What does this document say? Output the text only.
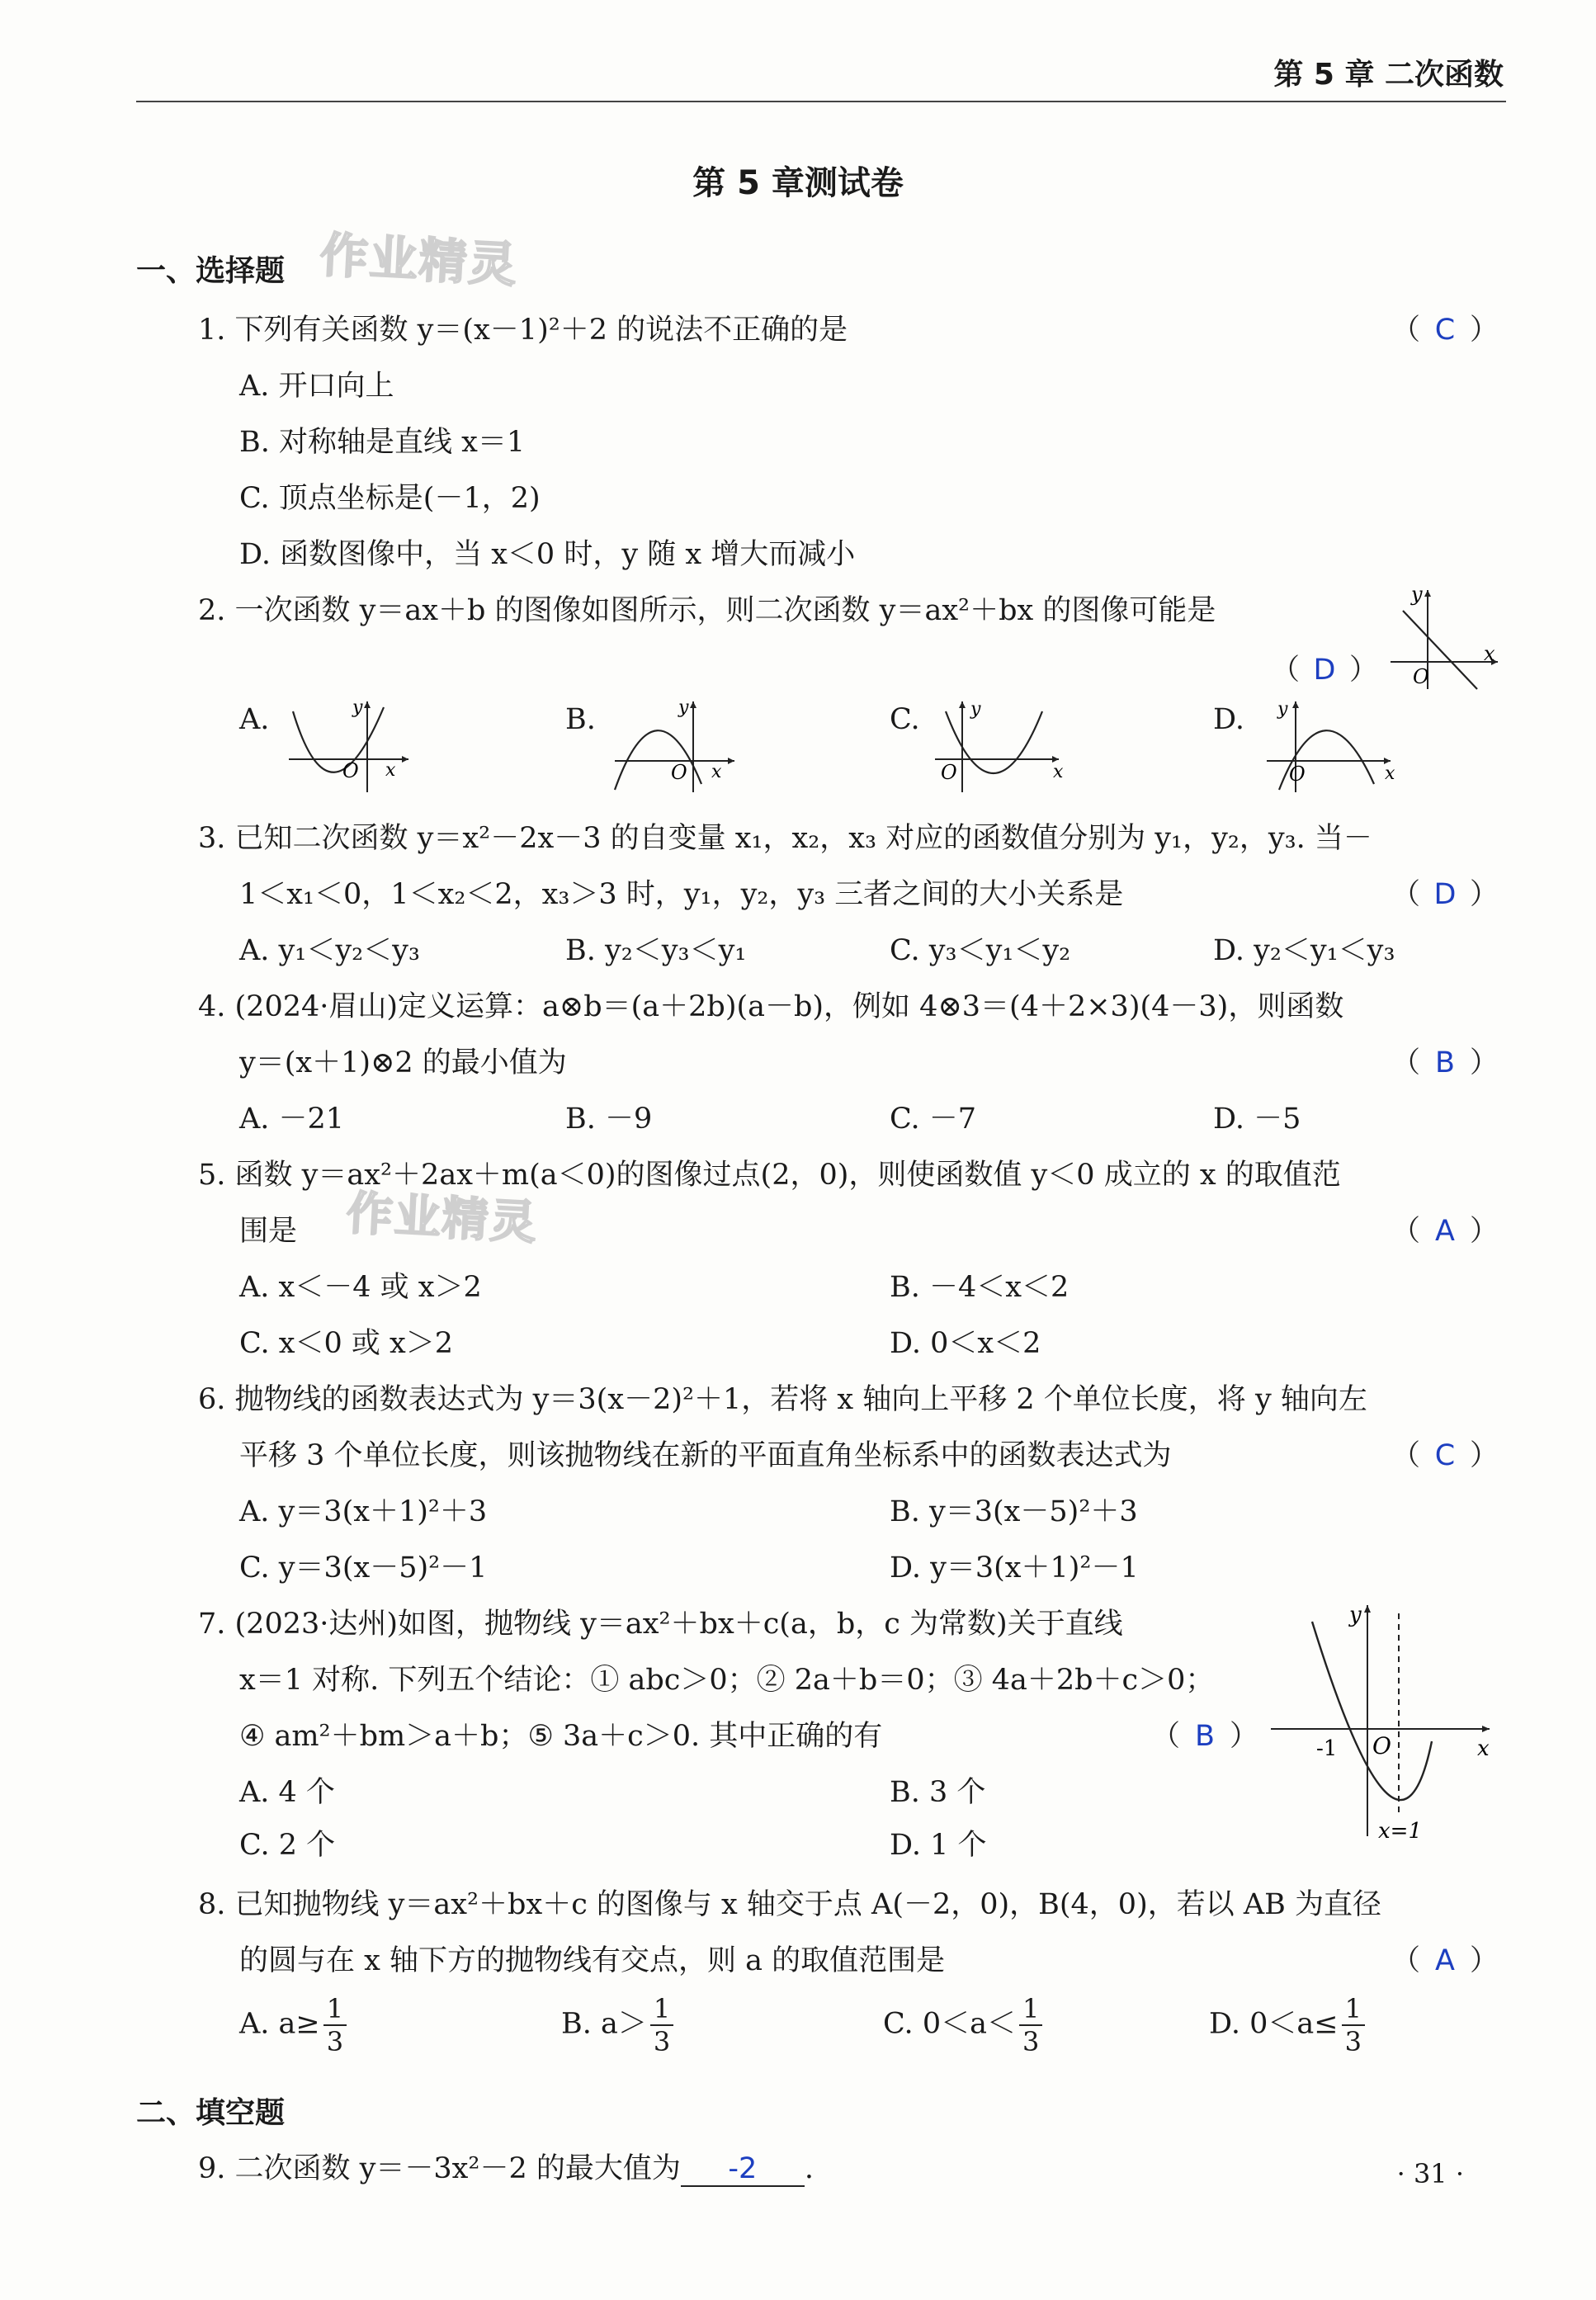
第 5 章 二次函数
第 5 章测试卷
一、选择题 作业精灵
1. 下列有关函数 y＝(x－1)²＋2 的说法不正确的是	（ C ）
A. 开口向上
B. 对称轴是直线 x＝1
C. 顶点坐标是(－1，2)
D. 函数图像中，当 x＜0 时，y 随 x 增大而减小
2. 一次函数 y＝ax＋b 的图像如图所示，则二次函数 y＝ax²＋bx 的图像可能是
（ D ）
y
O
x
A.	B.	C.	D.
y
O x
y
O x
y
O	x
y
O	x
3. 已知二次函数 y＝x²－2x－3 的自变量 x₁，x₂，x₃ 对应的函数值分别为 y₁，y₂，y₃. 当－
1＜x₁＜0，1＜x₂＜2，x₃＞3 时，y₁，y₂，y₃ 三者之间的大小关系是	（ D ）
A. y₁＜y₂＜y₃	B. y₂＜y₃＜y₁	C. y₃＜y₁＜y₂	D. y₂＜y₁＜y₃
4. (2024·眉山)定义运算：a⊗b＝(a＋2b)(a－b)，例如 4⊗3＝(4＋2×3)(4－3)，则函数
y＝(x＋1)⊗2 的最小值为	（ B ）
A. －21	B. －9	C. －7	D. －5
5. 函数 y＝ax²＋2ax＋m(a＜0)的图像过点(2，0)，则使函数值 y＜0 成立的 x 的取值范
围是 作业精灵	（ A ）
A. x＜－4 或 x＞2	B. －4＜x＜2
C. x＜0 或 x＞2	D. 0＜x＜2
6. 抛物线的函数表达式为 y＝3(x－2)²＋1，若将 x 轴向上平移 2 个单位长度，将 y 轴向左
平移 3 个单位长度，则该抛物线在新的平面直角坐标系中的函数表达式为	（ C ）
A. y＝3(x＋1)²＋3	B. y＝3(x－5)²＋3
C. y＝3(x－5)²－1	D. y＝3(x＋1)²－1
7. (2023·达州)如图，抛物线 y＝ax²＋bx＋c(a，b，c 为常数)关于直线
x＝1 对称. 下列五个结论：① abc＞0；② 2a＋b＝0；③ 4a＋2b＋c＞0；
④ am²＋bm＞a＋b；⑤ 3a＋c＞0. 其中正确的有	（ B ）
A. 4 个	B. 3 个
C. 2 个	D. 1 个
y
O	x
-1
x=1
8. 已知抛物线 y＝ax²＋bx＋c 的图像与 x 轴交于点 A(－2，0)，B(4，0)，若以 AB 为直径
的圆与在 x 轴下方的抛物线有交点，则 a 的取值范围是	（ A ）
A. $a\ge \frac{1}{3}$	B. $a> \frac{1}{3}$	C. $0<a< \frac{1}{3}$	D. $0<a\le \frac{1}{3}$
二、填空题
9. 二次函数 y＝－3x²－2 的最大值为 -2 .	· 31 ·
